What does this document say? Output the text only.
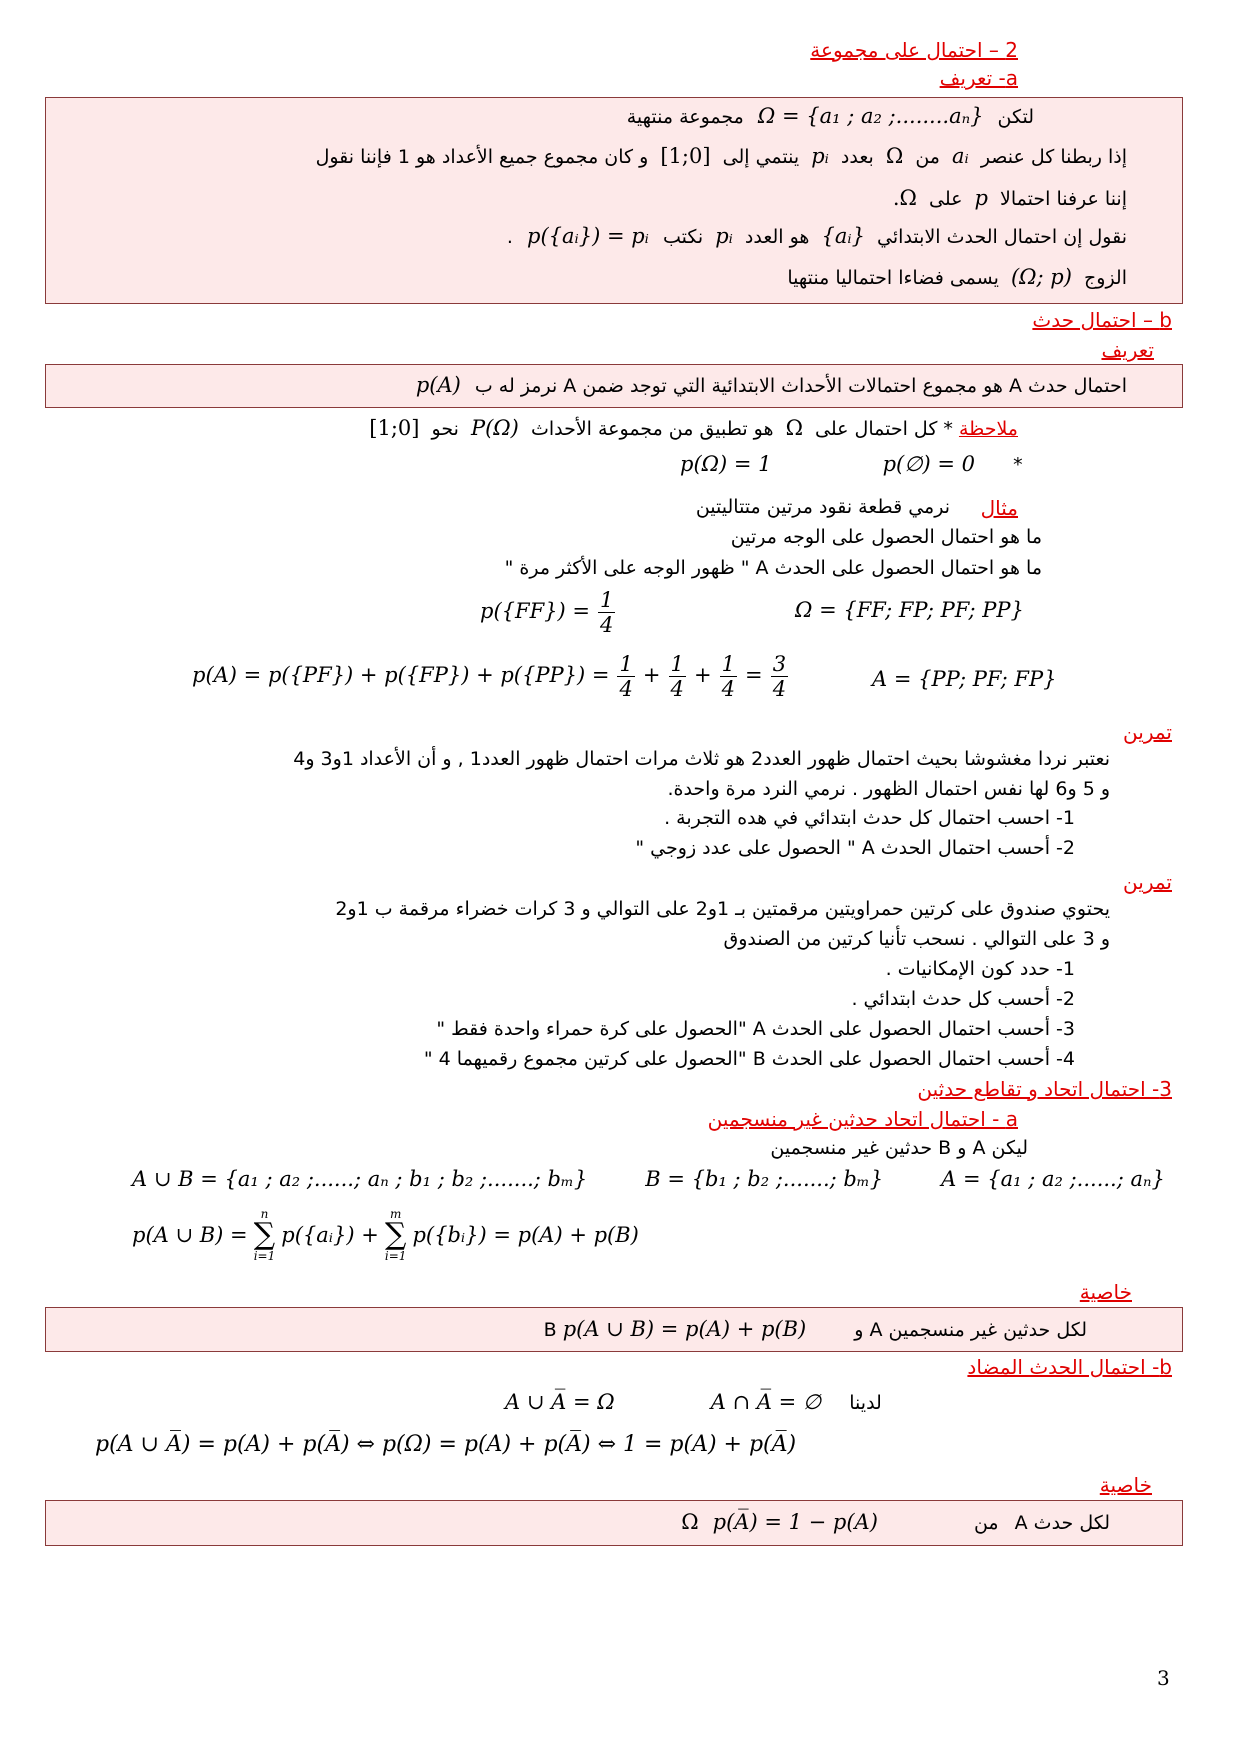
2 – احتمال على مجموعة
a- تعريف
لتكن Ω = {a₁ ; a₂ ;........aₙ} مجموعة منتهية
إذا ربطنا كل عنصر aᵢ من Ω بعدد pᵢ ينتمي إلى [0;1] و كان مجموع جميع الأعداد هو 1 فإننا نقول
إننا عرفنا احتمالا p على Ω.
نقول إن احتمال الحدث الابتدائي {aᵢ} هو العدد pᵢ نكتب p({aᵢ}) = pᵢ .
الزوج (Ω; p) يسمى فضاءا احتماليا منتهيا
b – احتمال حدث
تعريف
احتمال حدث A هو مجموع احتمالات الأحداث الابتدائية التي توجد ضمن A نرمز له ب p(A)
ملاحظة * كل احتمال على Ω هو تطبيق من مجموعة الأحداث P(Ω) نحو [0;1]
p(Ω) = 1	p(∅) = 0 *
مثال
نرمي قطعة نقود مرتين متتاليتين
ما هو احتمال الحصول على الوجه مرتين
ما هو احتمال الحصول على الحدث A " ظهور الوجه على الأكثر مرة "
Ω = {FF; FP; PF; PP}
$p(\{FF\}) = \frac{1}{4}$
A = {PP; PF; FP}
$p(A) = p(\{PF\}) + p(\{FP\}) + p(\{PP\}) = \frac{1}{4} + \frac{1}{4} + \frac{1}{4} = \frac{3}{4}$
تمرين
نعتبر نردا مغشوشا بحيث احتمال ظهور العدد2 هو ثلاث مرات احتمال ظهور العدد1 , و أن الأعداد 1و3 و4
و 5 و6 لها نفس احتمال الظهور . نرمي النرد مرة واحدة.
1- احسب احتمال كل حدث ابتدائي في هده التجربة .
2- أحسب احتمال الحدث A " الحصول على عدد زوجي "
تمرين
يحتوي صندوق على كرتين حمراويتين مرقمتين بـ 1و2 على التوالي و 3 كرات خضراء مرقمة ب 1و2
و 3 على التوالي . نسحب تأنيا كرتين من الصندوق
1- حدد كون الإمكانيات .
2- أحسب كل حدث ابتدائي .
3- أحسب احتمال الحصول على الحدث A "الحصول على كرة حمراء واحدة فقط "
4- أحسب احتمال الحصول على الحدث B "الحصول على كرتين مجموع رقميهما 4 "
3- احتمال اتحاد و تقاطع حدثين
a - احتمال اتحاد حدثين غير منسجمين
ليكن A و B حدثين غير منسجمين
A ∪ B = {a₁ ; a₂ ;......; aₙ ; b₁ ; b₂ ;.......; bₘ}	B = {b₁ ; b₂ ;.......; bₘ}	A = {a₁ ; a₂ ;......; aₙ}
p(A ∪ B) =
n
∑
i=1
p({aᵢ}) +
m
∑
i=1
p({bᵢ}) = p(A) + p(B)
خاصية
لكل حدثين غير منسجمين A و B p(A ∪ B) = p(A) + p(B)
b- احتمال الحدث المضاد
A ∪ A̅ = Ω	A ∩ A̅ = ∅ لدينا
p(A ∪ A̅) = p(A) + p(A̅) ⇔ p(Ω) = p(A) + p(A̅) ⇔ 1 = p(A) + p(A̅)
خاصية
لكل حدث A من Ω p(A̅) = 1 − p(A)
3
